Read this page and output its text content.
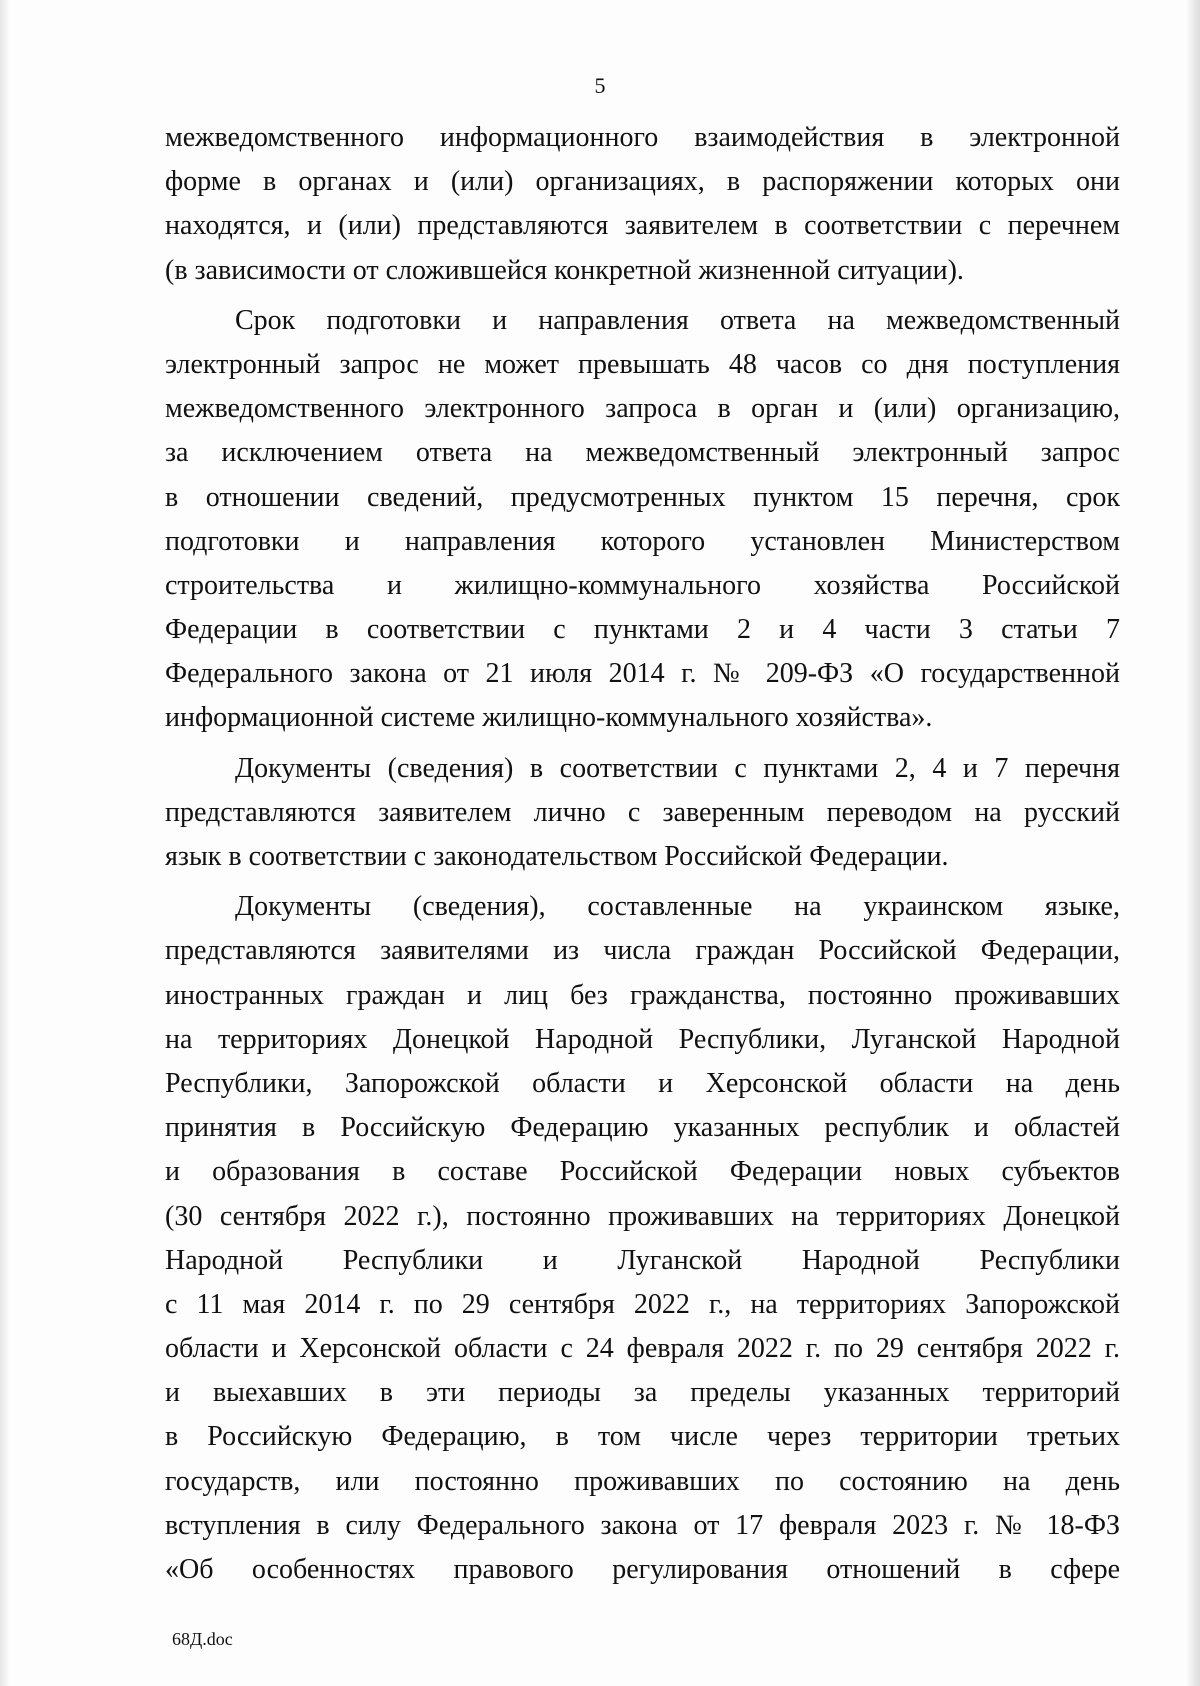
5
межведомственного информационного взаимодействия в электронной
форме в органах и (или) организациях, в распоряжении которых они
находятся, и (или) представляются заявителем в соответствии с перечнем
(в зависимости от сложившейся конкретной жизненной ситуации).
Срок подготовки и направления ответа на межведомственный
электронный запрос не может превышать 48 часов со дня поступления
межведомственного электронного запроса в орган и (или) организацию,
за исключением ответа на межведомственный электронный запрос
в отношении сведений, предусмотренных пунктом 15 перечня, срок
подготовки и направления которого установлен Министерством
строительства и жилищно-коммунального хозяйства Российской
Федерации в соответствии с пунктами 2 и 4 части 3 статьи 7
Федерального закона от 21 июля 2014 г. № 209-ФЗ «О государственной
информационной системе жилищно-коммунального хозяйства».
Документы (сведения) в соответствии с пунктами 2, 4 и 7 перечня
представляются заявителем лично с заверенным переводом на русский
язык в соответствии с законодательством Российской Федерации.
Документы (сведения), составленные на украинском языке,
представляются заявителями из числа граждан Российской Федерации,
иностранных граждан и лиц без гражданства, постоянно проживавших
на территориях Донецкой Народной Республики, Луганской Народной
Республики, Запорожской области и Херсонской области на день
принятия в Российскую Федерацию указанных республик и областей
и образования в составе Российской Федерации новых субъектов
(30 сентября 2022 г.), постоянно проживавших на территориях Донецкой
Народной Республики и Луганской Народной Республики
с 11 мая 2014 г. по 29 сентября 2022 г., на территориях Запорожской
области и Херсонской области с 24 февраля 2022 г. по 29 сентября 2022 г.
и выехавших в эти периоды за пределы указанных территорий
в Российскую Федерацию, в том числе через территории третьих
государств, или постоянно проживавших по состоянию на день
вступления в силу Федерального закона от 17 февраля 2023 г. № 18-ФЗ
«Об особенностях правового регулирования отношений в сфере
68Д.doc
